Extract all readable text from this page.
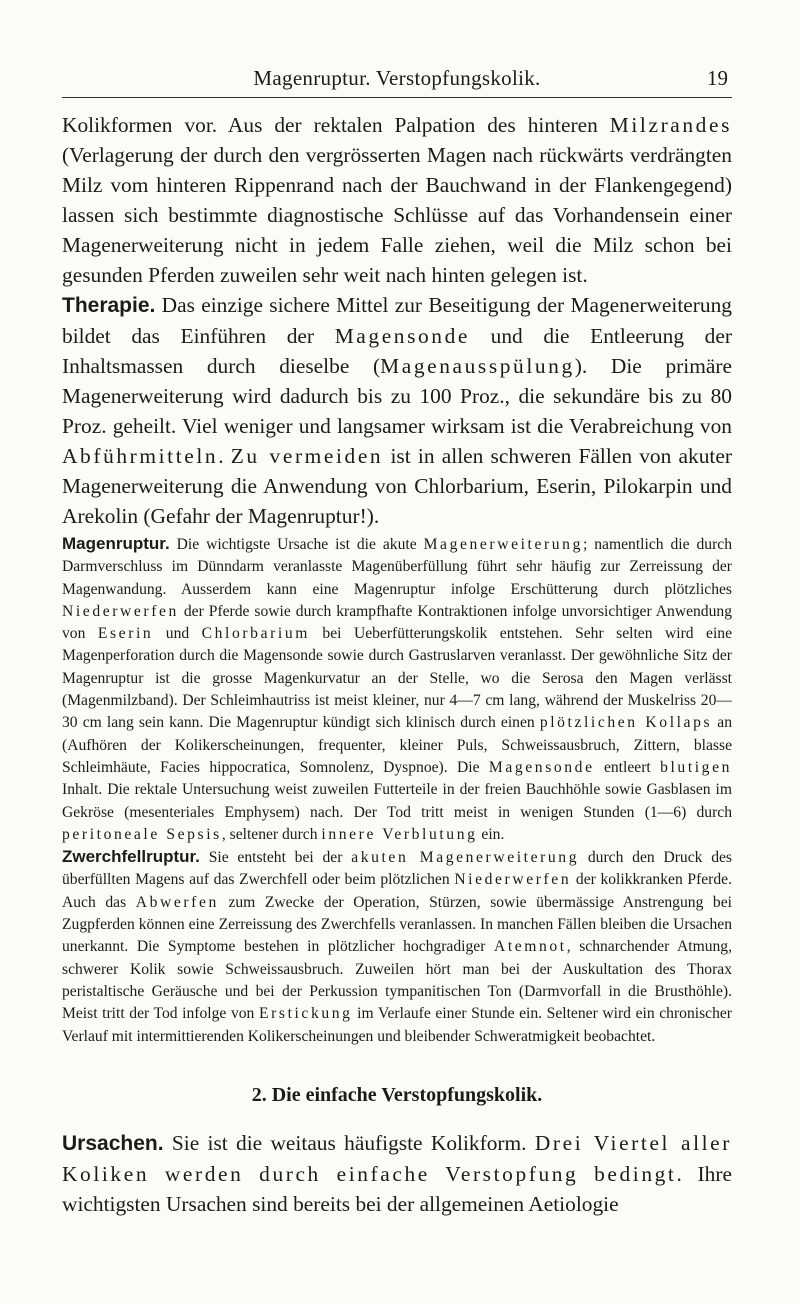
Magenruptur. Verstopfungskolik.	19

Kolikformen vor. Aus der rektalen Palpation des hinteren Milzrandes (Verlagerung der durch den vergrösserten Magen nach rückwärts verdrängten Milz vom hinteren Rippenrand nach der Bauchwand in der Flankengegend) lassen sich bestimmte diagnostische Schlüsse auf das Vorhandensein einer Magenerweiterung nicht in jedem Falle ziehen, weil die Milz schon bei gesunden Pferden zuweilen sehr weit nach hinten gelegen ist.

Therapie. Das einzige sichere Mittel zur Beseitigung der Magenerweiterung bildet das Einführen der Magensonde und die Entleerung der Inhaltsmassen durch dieselbe (Magenausspülung). Die primäre Magenerweiterung wird dadurch bis zu 100 Proz., die sekundäre bis zu 80 Proz. geheilt. Viel weniger und langsamer wirksam ist die Verabreichung von Abführmitteln. Zu vermeiden ist in allen schweren Fällen von akuter Magenerweiterung die Anwendung von Chlorbarium, Eserin, Pilokarpin und Arekolin (Gefahr der Magenruptur!).

Magenruptur. Die wichtigste Ursache ist die akute Magenerweiterung; namentlich die durch Darmverschluss im Dünndarm veranlasste Magenüberfüllung führt sehr häufig zur Zerreissung der Magenwandung. Ausserdem kann eine Magenruptur infolge Erschütterung durch plötzliches Niederwerfen der Pferde sowie durch krampfhafte Kontraktionen infolge unvorsichtiger Anwendung von Eserin und Chlorbarium bei Ueberfütterungskolik entstehen. Sehr selten wird eine Magenperforation durch die Magensonde sowie durch Gastruslarven veranlasst. Der gewöhnliche Sitz der Magenruptur ist die grosse Magenkurvatur an der Stelle, wo die Serosa den Magen verlässt (Magenmilzband). Der Schleimhautriss ist meist kleiner, nur 4—7 cm lang, während der Muskelriss 20—30 cm lang sein kann. Die Magenruptur kündigt sich klinisch durch einen plötzlichen Kollaps an (Aufhören der Kolikerscheinungen, frequenter, kleiner Puls, Schweissausbruch, Zittern, blasse Schleimhäute, Facies hippocratica, Somnolenz, Dyspnoe). Die Magensonde entleert blutigen Inhalt. Die rektale Untersuchung weist zuweilen Futterteile in der freien Bauchhöhle sowie Gasblasen im Gekröse (mesenteriales Emphysem) nach. Der Tod tritt meist in wenigen Stunden (1—6) durch peritoneale Sepsis, seltener durch innere Verblutung ein.

Zwerchfellruptur. Sie entsteht bei der akuten Magenerweiterung durch den Druck des überfüllten Magens auf das Zwerchfell oder beim plötzlichen Niederwerfen der kolikkranken Pferde. Auch das Abwerfen zum Zwecke der Operation, Stürzen, sowie übermässige Anstrengung bei Zugpferden können eine Zerreissung des Zwerchfells veranlassen. In manchen Fällen bleiben die Ursachen unerkannt. Die Symptome bestehen in plötzlicher hochgradiger Atemnot, schnarchender Atmung, schwerer Kolik sowie Schweissausbruch. Zuweilen hört man bei der Auskultation des Thorax peristaltische Geräusche und bei der Perkussion tympanitischen Ton (Darmvorfall in die Brusthöhle). Meist tritt der Tod infolge von Erstickung im Verlaufe einer Stunde ein. Seltener wird ein chronischer Verlauf mit intermittierenden Kolikerscheinungen und bleibender Schweratmigkeit beobachtet.

2. Die einfache Verstopfungskolik.

Ursachen. Sie ist die weitaus häufigste Kolikform. Drei Viertel aller Koliken werden durch einfache Verstopfung bedingt. Ihre wichtigsten Ursachen sind bereits bei der allgemeinen Aetiologie
